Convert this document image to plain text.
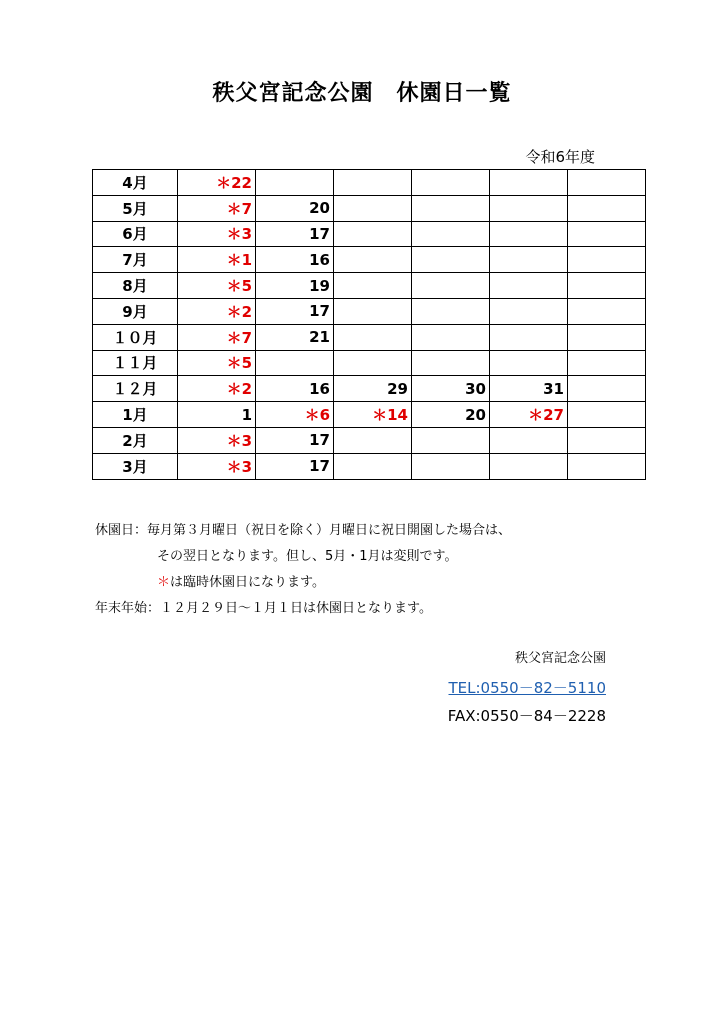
秩父宮記念公園　休園日一覧
令和6年度
4月	＊22					
5月	＊7	20				
6月	＊3	17				
7月	＊1	16				
8月	＊5	19				
9月	＊2	17				
１０月	＊7	21				
１１月	＊5					
１２月	＊2	16	29	30	31	
1月	1	＊6	＊14	20	＊27	
2月	＊3	17				
3月	＊3	17				
休園日：毎月第３月曜日（祝日を除く）月曜日に祝日開園した場合は、
その翌日となります。但し、5月・1月は変則です。
＊は臨時休園日になります。
年末年始：１２月２９日〜１月１日は休園日となります。
秩父宮記念公園
TEL:0550－82－5110
FAX:0550－84－2228
